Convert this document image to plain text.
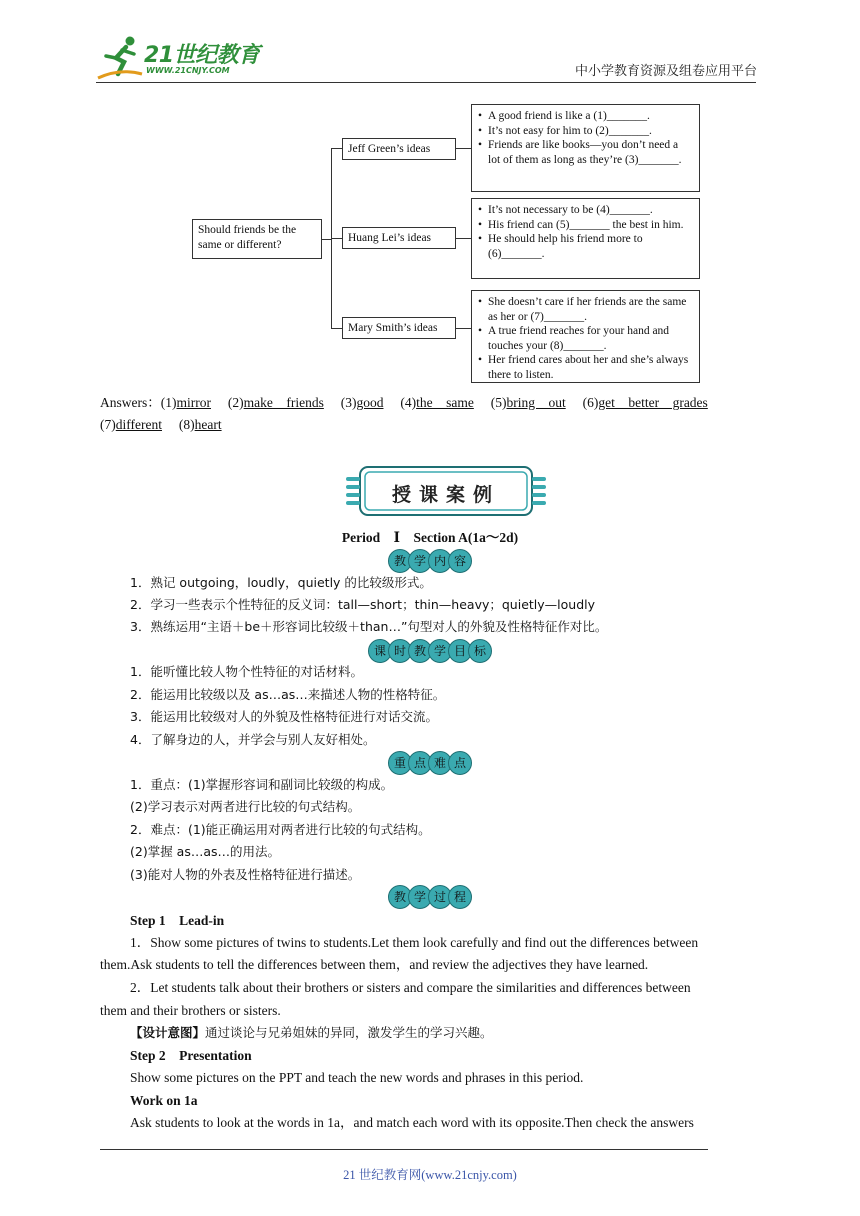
21世纪教育
WWW.21CNJY.COM	中小学教育资源及组卷应用平台
Should friends be the same or different?
Jeff Green’s ideas
• A good friend is like a (1)_______.
• It’s not easy for him to (2)_______.
• Friends are like books—you don’t need a lot of them as long as they’re (3)_______.
Huang Lei’s ideas
• It’s not necessary to be (4)_______.
• His friend can (5)_______ the best in him.
• He should help his friend more to (6)_______.
Mary Smith’s ideas
• She doesn’t care if her friends are the same as her or (7)_______.
• A true friend reaches for your hand and touches your (8)_______.
• Her friend cares about her and she’s always there to listen.
Answers：(1)mirror (2)make　friends (3)good (4)the　same (5)bring　out (6)get　better　grades
(7)different (8)heart
授课案例
Period　Ⅰ　Section A(1a～2d)
教 学 内 容
1．熟记 outgoing，loudly，quietly 的比较级形式。
2．学习一些表示个性特征的反义词：tall—short；thin—heavy；quietly—loudly
3．熟练运用“主语＋be＋形容词比较级＋than…”句型对人的外貌及性格特征作对比。
课 时 教 学 目 标
1．能听懂比较人物个性特征的对话材料。
2．能运用比较级以及 as…as…来描述人物的性格特征。
3．能运用比较级对人的外貌及性格特征进行对话交流。
4．了解身边的人，并学会与别人友好相处。
重 点 难 点
1．重点：(1)掌握形容词和副词比较级的构成。
(2)学习表示对两者进行比较的句式结构。
2．难点：(1)能正确运用对两者进行比较的句式结构。
(2)掌握 as…as…的用法。
(3)能对人物的外表及性格特征进行描述。
教 学 过 程
Step 1　Lead-in
1．Show some pictures of twins to students.Let them look carefully and find out the differences between
them.Ask students to tell the differences between them，and review the adjectives they have learned.
2．Let students talk about their brothers or sisters and compare the similarities and differences between
them and their brothers or sisters.
【设计意图】通过谈论与兄弟姐妹的异同，激发学生的学习兴趣。
Step 2　Presentation
Show some pictures on the PPT and teach the new words and phrases in this period.
Work on 1a
Ask students to look at the words in 1a，and match each word with its opposite.Then check the answers
21 世纪教育网(www.21cnjy.com)
